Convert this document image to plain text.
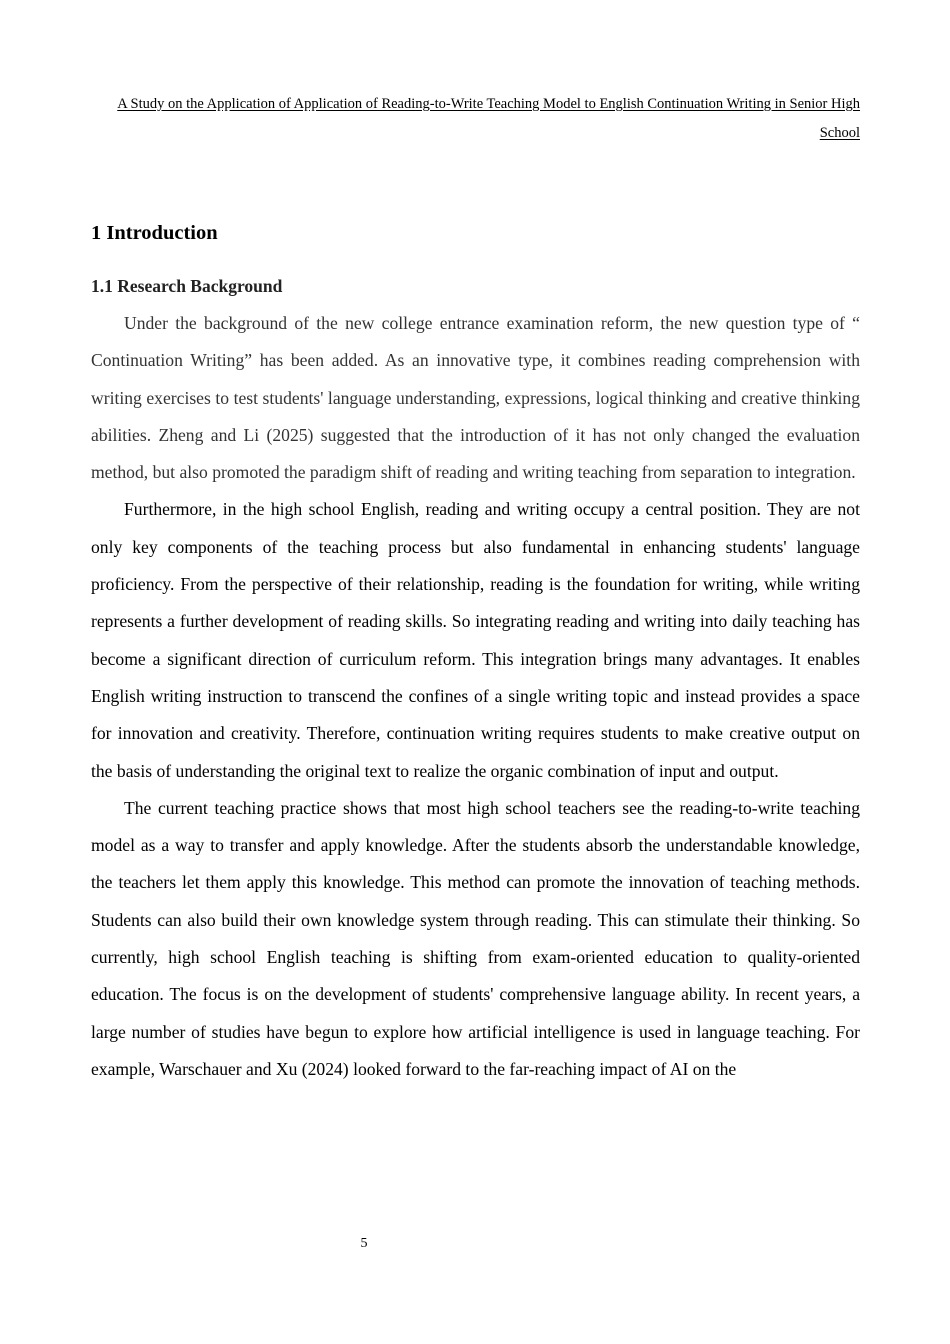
A Study on the Application of Application of Reading-to-Write Teaching Model to English Continuation Writing in Senior High School
1 Introduction
1.1 Research Background

Under the background of the new college entrance examination reform, the new question type of “ Continuation Writing” has been added. As an innovative type, it combines reading comprehension with writing exercises to test students' language understanding, expressions, logical thinking and creative thinking abilities. Zheng and Li (2025) suggested that the introduction of it has not only changed the evaluation method, but also promoted the paradigm shift of reading and writing teaching from separation to integration.

Furthermore, in the high school English, reading and writing occupy a central position. They are not only key components of the teaching process but also fundamental in enhancing students' language proficiency. From the perspective of their relationship, reading is the foundation for writing, while writing represents a further development of reading skills. So integrating reading and writing into daily teaching has become a significant direction of curriculum reform. This integration brings many advantages. It enables English writing instruction to transcend the confines of a single writing topic and instead provides a space for innovation and creativity. Therefore, continuation writing requires students to make creative output on the basis of understanding the original text to realize the organic combination of input and output.

The current teaching practice shows that most high school teachers see the reading-to-write teaching model as a way to transfer and apply knowledge. After the students absorb the understandable knowledge, the teachers let them apply this knowledge. This method can promote the innovation of teaching methods. Students can also build their own knowledge system through reading. This can stimulate their thinking. So currently, high school English teaching is shifting from exam-oriented education to quality-oriented education. The focus is on the development of students' comprehensive language ability. In recent years, a large number of studies have begun to explore how artificial intelligence is used in language teaching. For example, Warschauer and Xu (2024) looked forward to the far-reaching impact of AI on the

5
